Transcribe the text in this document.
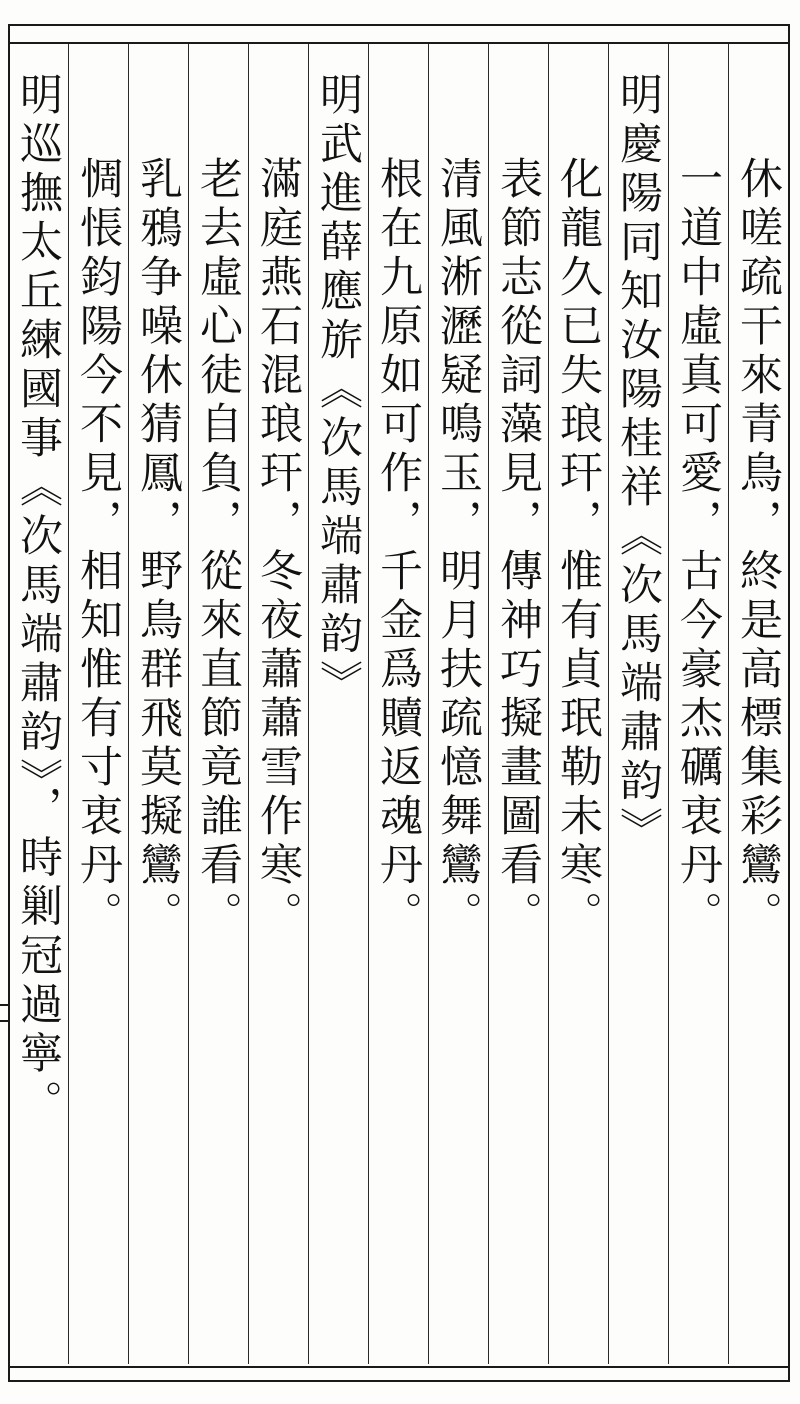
休嗟疏干來青鳥，終是高標集彩鸞。
一道中虛真可愛，古今豪杰礪衷丹。
明慶陽同知汝陽桂祥《次馬端肅韵》
化龍久已失琅玕，惟有貞珉勒未寒。
表節志從詞藻見，傳神巧擬畫圖看。
清風淅瀝疑鳴玉，明月扶疏憶舞鸞。
根在九原如可作，千金爲贖返魂丹。
明武進薛應旂《次馬端肅韵》
滿庭燕石混琅玕，冬夜蕭蕭雪作寒。
老去虛心徒自負，從來直節竟誰看。
乳鴉争噪休猜鳳，野鳥群飛莫擬鸞。
惆悵鈞陽今不見，相知惟有寸衷丹。
明巡撫太丘練國事《次馬端肅韵》，時剿冠過寧。
